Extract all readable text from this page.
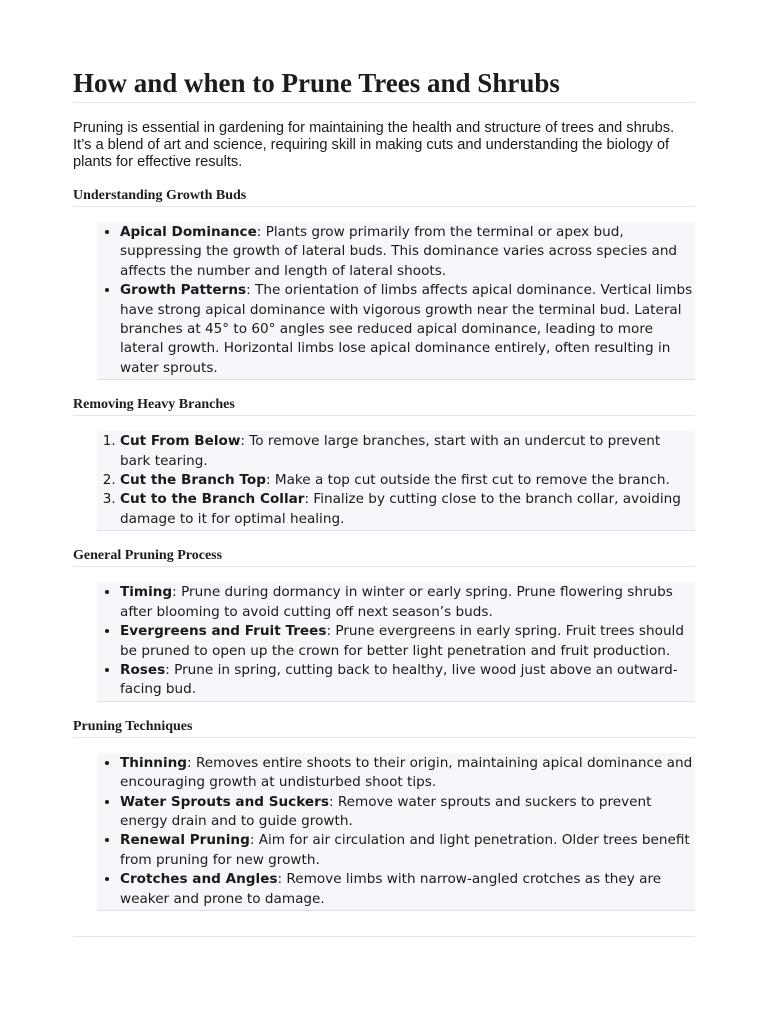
How and when to Prune Trees and Shrubs

Pruning is essential in gardening for maintaining the health and structure of trees and shrubs. It’s a blend of art and science, requiring skill in making cuts and understanding the biology of plants for effective results.

Understanding Growth Buds
• Apical Dominance: Plants grow primarily from the terminal or apex bud, suppressing the growth of lateral buds. This dominance varies across species and affects the number and length of lateral shoots.
• Growth Patterns: The orientation of limbs affects apical dominance. Vertical limbs have strong apical dominance with vigorous growth near the terminal bud. Lateral branches at 45° to 60° angles see reduced apical dominance, leading to more lateral growth. Horizontal limbs lose apical dominance entirely, often resulting in water sprouts.
Removing Heavy Branches
1. Cut From Below: To remove large branches, start with an undercut to prevent bark tearing.
2. Cut the Branch Top: Make a top cut outside the first cut to remove the branch.
3. Cut to the Branch Collar: Finalize by cutting close to the branch collar, avoiding damage to it for optimal healing.
General Pruning Process
• Timing: Prune during dormancy in winter or early spring. Prune flowering shrubs after blooming to avoid cutting off next season’s buds.
• Evergreens and Fruit Trees: Prune evergreens in early spring. Fruit trees should be pruned to open up the crown for better light penetration and fruit production.
• Roses: Prune in spring, cutting back to healthy, live wood just above an outward-facing bud.
Pruning Techniques
• Thinning: Removes entire shoots to their origin, maintaining apical dominance and encouraging growth at undisturbed shoot tips.
• Water Sprouts and Suckers: Remove water sprouts and suckers to prevent energy drain and to guide growth.
• Renewal Pruning: Aim for air circulation and light penetration. Older trees benefit from pruning for new growth.
• Crotches and Angles: Remove limbs with narrow-angled crotches as they are weaker and prone to damage.
